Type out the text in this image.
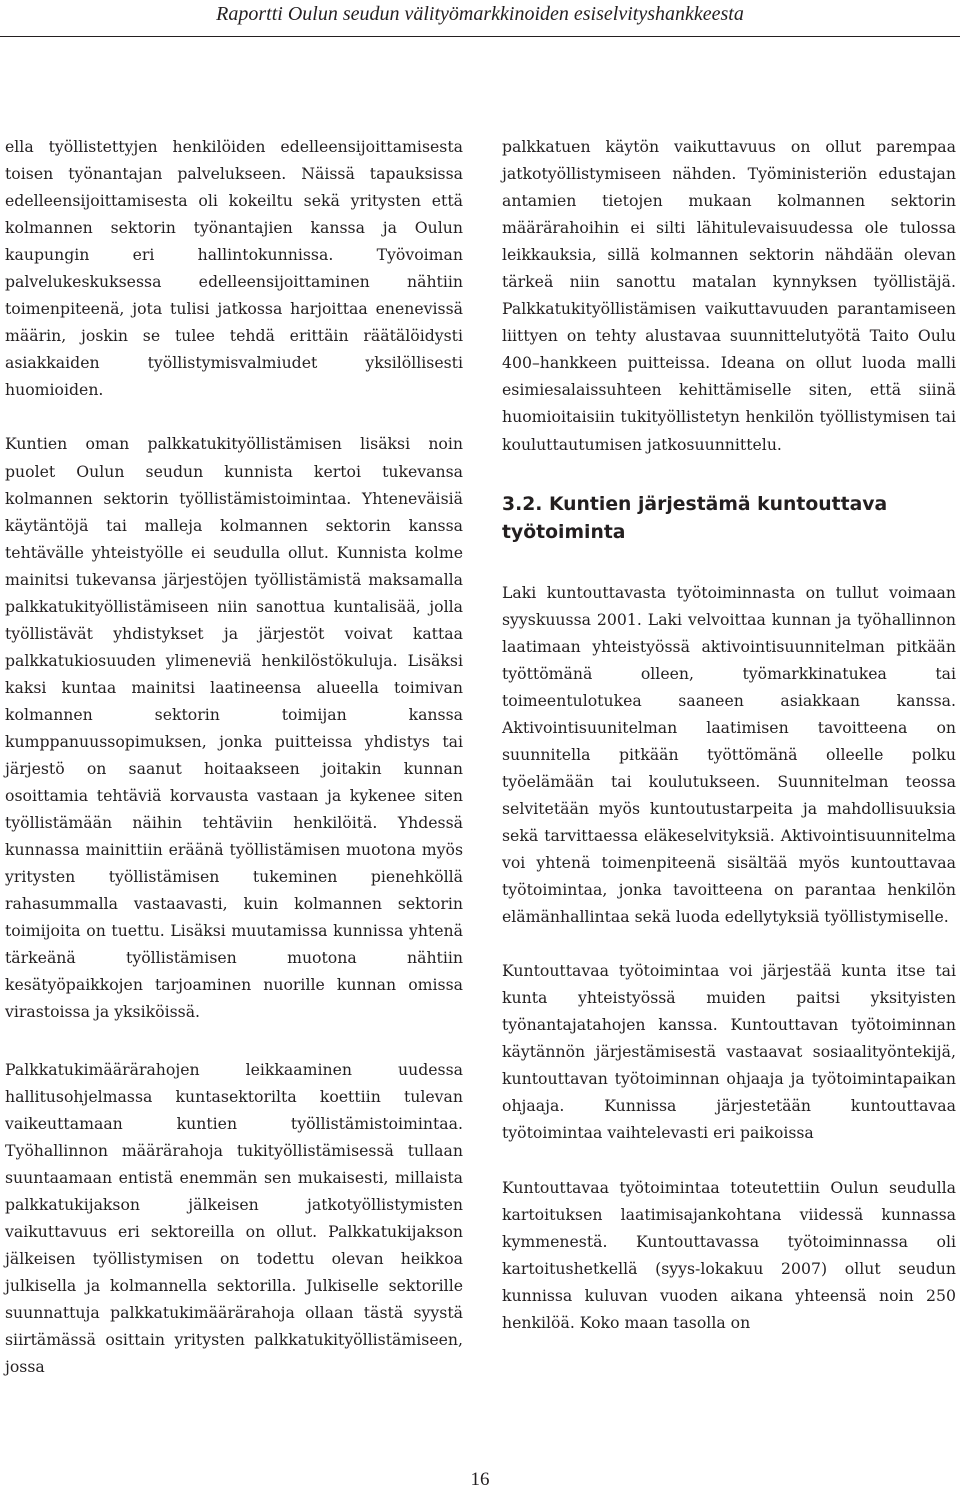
Raportti Oulun seudun välityömarkkinoiden esiselvityshankkeesta

ella työllistettyjen henkilöiden edelleensijoittamisesta toisen työnantajan palvelukseen. Näissä tapauksissa edelleensijoittamisesta oli kokeiltu sekä yritysten että kolmannen sektorin työnantajien kanssa ja Oulun kaupungin eri hallintokunnissa. Työvoiman palvelukeskuksessa edelleensijoittaminen nähtiin toimenpiteenä, jota tulisi jatkossa harjoittaa enenevissä määrin, joskin se tulee tehdä erittäin räätälöidysti asiakkaiden työllistymisvalmiudet yksilöllisesti huomioiden.

Kuntien oman palkkatukityöllistämisen lisäksi noin puolet Oulun seudun kunnista kertoi tukevansa kolmannen sektorin työllistämistoimintaa. Yhteneväisiä käytäntöjä tai malleja kolmannen sektorin kanssa tehtävälle yhteistyölle ei seudulla ollut. Kunnista kolme mainitsi tukevansa järjestöjen työllistämistä maksamalla palkkatukityöllistämiseen niin sanottua kuntalisää, jolla työllistävät yhdistykset ja järjestöt voivat kattaa palkkatukiosuuden ylimeneviä henkilöstökuluja. Lisäksi kaksi kuntaa mainitsi laatineensa alueella toimivan kolmannen sektorin toimijan kanssa kumppanuussopimuksen, jonka puitteissa yhdistys tai järjestö on saanut hoitaakseen joitakin kunnan osoittamia tehtäviä korvausta vastaan ja kykenee siten työllistämään näihin tehtäviin henkilöitä. Yhdessä kunnassa mainittiin eräänä työllistämisen muotona myös yritysten työllistämisen tukeminen pienehköllä rahasummalla vastaavasti, kuin kolmannen sektorin toimijoita on tuettu. Lisäksi muutamissa kunnissa yhtenä tärkeänä työllistämisen muotona nähtiin kesätyöpaikkojen tarjoaminen nuorille kunnan omissa virastoissa ja yksiköissä.

Palkkatukimäärärahojen leikkaaminen uudessa hallitusohjelmassa kuntasektorilta koettiin tulevan vaikeuttamaan kuntien työllistämistoimintaa. Työhallinnon määrärahoja tukityöllistämisessä tullaan suuntaamaan entistä enemmän sen mukaisesti, millaista palkkatukijakson jälkeisen jatkotyöllistymisten vaikuttavuus eri sektoreilla on ollut. Palkkatukijakson jälkeisen työllistymisen on todettu olevan heikkoa julkisella ja kolmannella sektorilla. Julkiselle sektorille suunnattuja palkkatukimäärärahoja ollaan tästä syystä siirtämässä osittain yritysten palkkatukityöllistämiseen, jossa

palkkatuen käytön vaikuttavuus on ollut parempaa jatkotyöllistymiseen nähden. Työministeriön edustajan antamien tietojen mukaan kolmannen sektorin määrärahoihin ei silti lähitulevaisuudessa ole tulossa leikkauksia, sillä kolmannen sektorin nähdään olevan tärkeä niin sanottu matalan kynnyksen työllistäjä. Palkkatukityöllistämisen vaikuttavuuden parantamiseen liittyen on tehty alustavaa suunnittelutyötä Taito Oulu 400–hankkeen puitteissa. Ideana on ollut luoda malli esimiesalaissuhteen kehittämiselle siten, että siinä huomioitaisiin tukityöllistetyn henkilön työllistymisen tai kouluttautumisen jatkosuunnittelu.

3.2. Kuntien järjestämä kuntouttava työtoiminta

Laki kuntouttavasta työtoiminnasta on tullut voimaan syyskuussa 2001. Laki velvoittaa kunnan ja työhallinnon laatimaan yhteistyössä aktivointisuunnitelman pitkään työttömänä olleen, työmarkkinatukea tai toimeentulotukea saaneen asiakkaan kanssa. Aktivointisuunitelman laatimisen tavoitteena on suunnitella pitkään työttömänä olleelle polku työelämään tai koulutukseen. Suunnitelman teossa selvitetään myös kuntoutustarpeita ja mahdollisuuksia sekä tarvittaessa eläkeselvityksiä. Aktivointisuunnitelma voi yhtenä toimenpiteenä sisältää myös kuntouttavaa työtoimintaa, jonka tavoitteena on parantaa henkilön elämänhallintaa sekä luoda edellytyksiä työllistymiselle.

Kuntouttavaa työtoimintaa voi järjestää kunta itse tai kunta yhteistyössä muiden paitsi yksityisten työnantajatahojen kanssa. Kuntouttavan työtoiminnan käytännön järjestämisestä vastaavat sosiaalityöntekijä, kuntouttavan työtoiminnan ohjaaja ja työtoimintapaikan ohjaaja. Kunnissa järjestetään kuntouttavaa työtoimintaa vaihtelevasti eri paikoissa

Kuntouttavaa työtoimintaa toteutettiin Oulun seudulla kartoituksen laatimisajankohtana viidessä kunnassa kymmenestä. Kuntouttavassa työtoiminnassa oli kartoitushetkellä (syys-lokakuu 2007) ollut seudun kunnissa kuluvan vuoden aikana yhteensä noin 250 henkilöä. Koko maan tasolla on

16
